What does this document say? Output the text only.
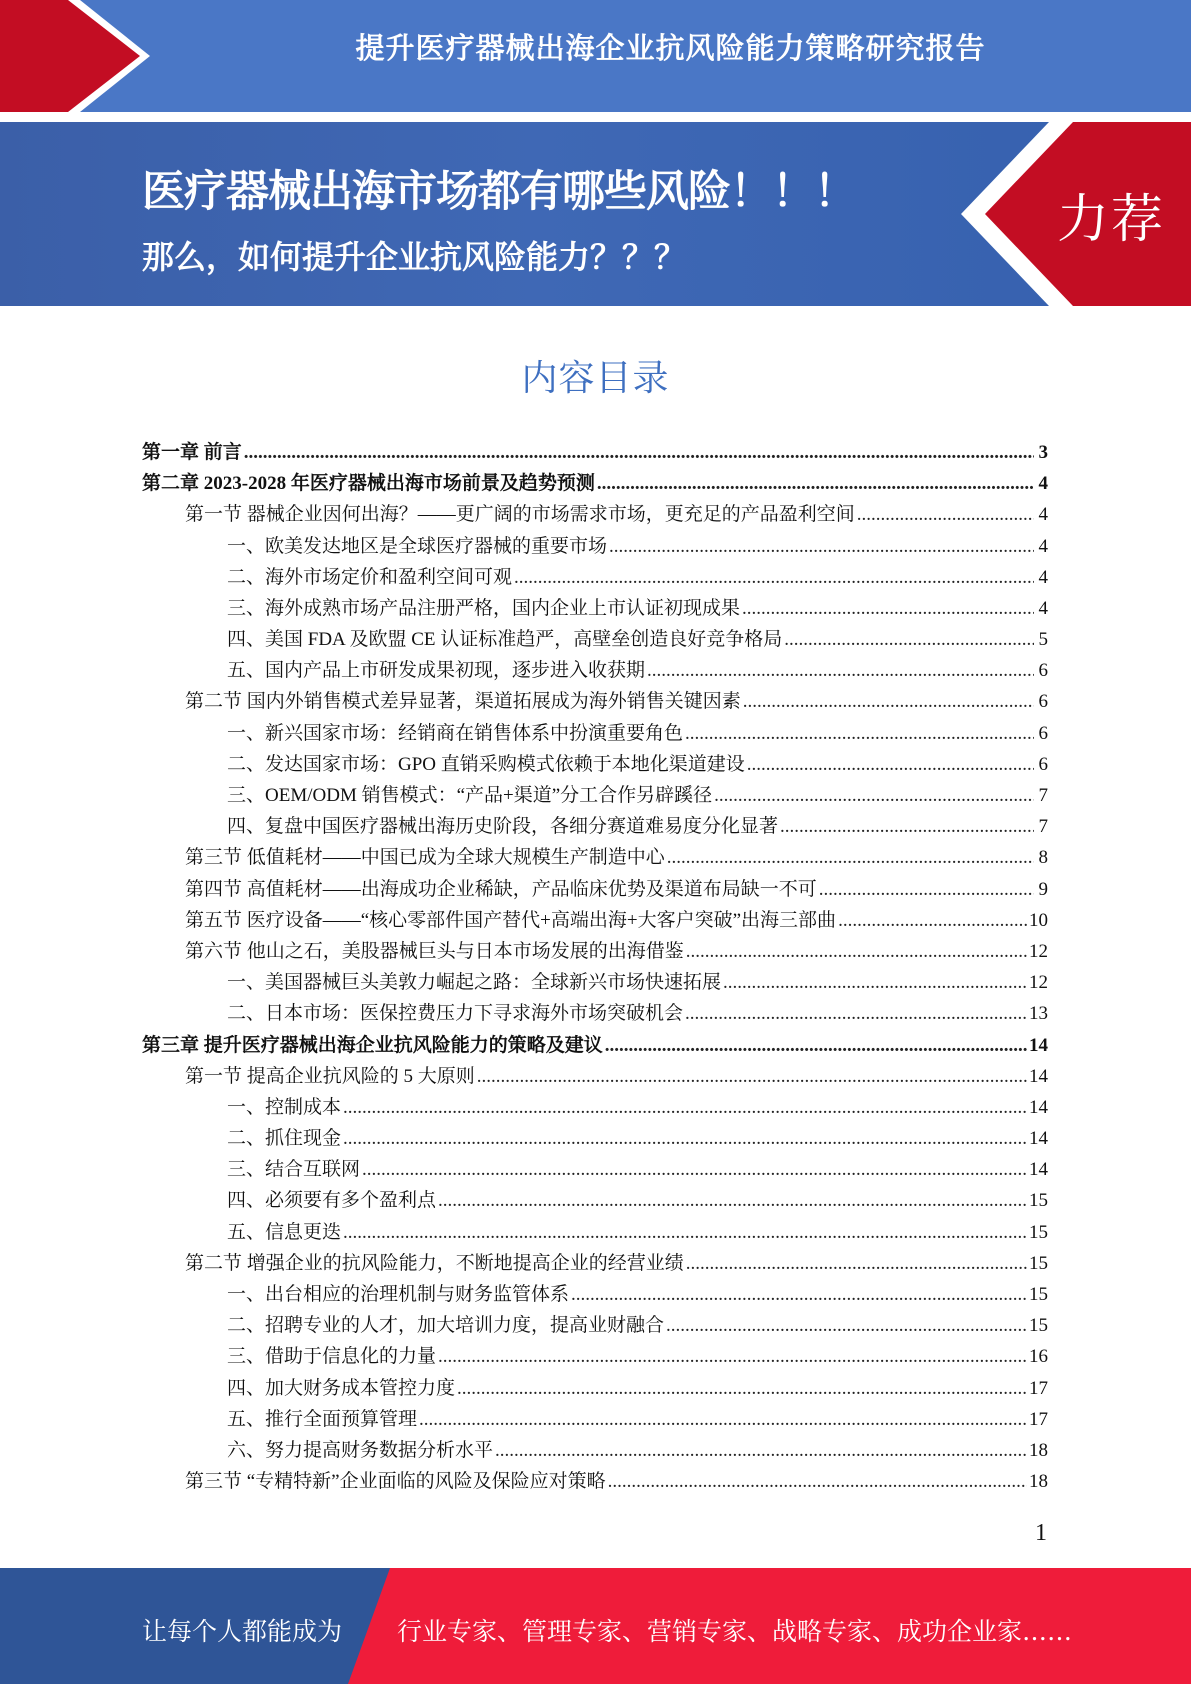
提升医疗器械出海企业抗风险能力策略研究报告
医疗器械出海市场都有哪些风险！！！
那么，如何提升企业抗风险能力？？？
力荐
内容目录
第一章 前言 .....	3
第二章 2023-2028 年医疗器械出海市场前景及趋势预测 .....	4
第一节 器械企业因何出海？——更广阔的市场需求市场，更充足的产品盈利空间 .....	4
一、欧美发达地区是全球医疗器械的重要市场 .....	4
二、海外市场定价和盈利空间可观 .....	4
三、海外成熟市场产品注册严格，国内企业上市认证初现成果 .....	4
四、美国 FDA 及欧盟 CE 认证标准趋严，高壁垒创造良好竞争格局 .....	5
五、国内产品上市研发成果初现，逐步进入收获期 .....	6
第二节 国内外销售模式差异显著，渠道拓展成为海外销售关键因素 .....	6
一、新兴国家市场：经销商在销售体系中扮演重要角色 .....	6
二、发达国家市场：GPO 直销采购模式依赖于本地化渠道建设 .....	6
三、OEM/ODM 销售模式：“产品+渠道”分工合作另辟蹊径 .....	7
四、复盘中国医疗器械出海历史阶段，各细分赛道难易度分化显著 .....	7
第三节 低值耗材——中国已成为全球大规模生产制造中心 .....	8
第四节 高值耗材——出海成功企业稀缺，产品临床优势及渠道布局缺一不可 .....	9
第五节 医疗设备——“核心零部件国产替代+高端出海+大客户突破”出海三部曲 .....	10
第六节 他山之石，美股器械巨头与日本市场发展的出海借鉴 .....	12
一、美国器械巨头美敦力崛起之路：全球新兴市场快速拓展 .....	12
二、日本市场：医保控费压力下寻求海外市场突破机会 .....	13
第三章 提升医疗器械出海企业抗风险能力的策略及建议 .....	14
第一节 提高企业抗风险的 5 大原则 .....	14
一、控制成本 .....	14
二、抓住现金 .....	14
三、结合互联网 .....	14
四、必须要有多个盈利点 .....	15
五、信息更迭 .....	15
第二节 增强企业的抗风险能力，不断地提高企业的经营业绩 .....	15
一、出台相应的治理机制与财务监管体系 .....	15
二、招聘专业的人才，加大培训力度，提高业财融合 .....	15
三、借助于信息化的力量 .....	16
四、加大财务成本管控力度 .....	17
五、推行全面预算管理 .....	17
六、努力提高财务数据分析水平 .....	18
第三节 “专精特新”企业面临的风险及保险应对策略 .....	18
1
让每个人都能成为 行业专家、管理专家、营销专家、战略专家、成功企业家……
